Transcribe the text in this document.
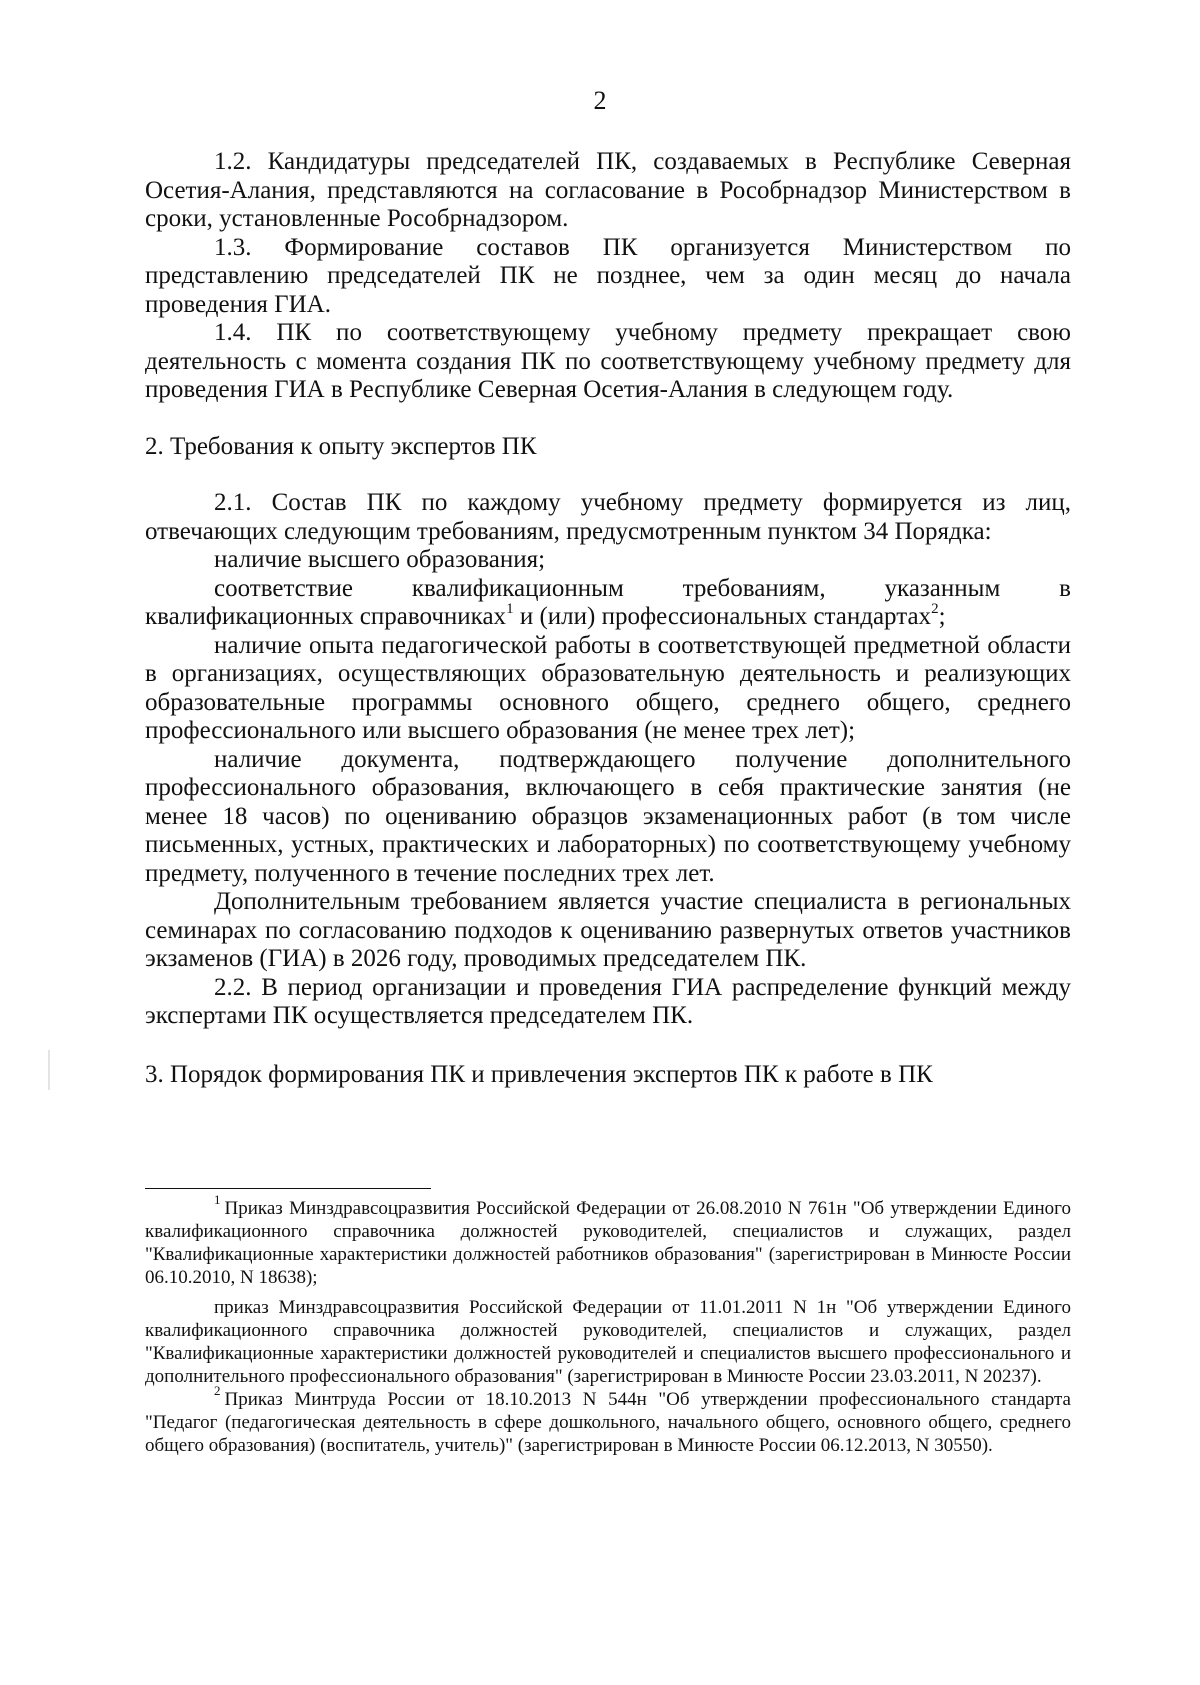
2

1.2. Кандидатуры председателей ПК, создаваемых в Республике Северная Осетия-Алания, представляются на согласование в Рособрнадзор Министерством в сроки, установленные Рособрнадзором.

1.3. Формирование составов ПК организуется Министерством по представлению председателей ПК не позднее, чем за один месяц до начала проведения ГИА.

1.4. ПК по соответствующему учебному предмету прекращает свою деятельность с момента создания ПК по соответствующему учебному предмету для проведения ГИА в Республике Северная Осетия-Алания в следующем году.

2. Требования к опыту экспертов ПК

2.1. Состав ПК по каждому учебному предмету формируется из лиц, отвечающих следующим требованиям, предусмотренным пунктом 34 Порядка:

наличие высшего образования;

соответствие квалификационным требованиям, указанным в квалификационных справочниках$^1$ и (или) профессиональных стандартах$^2$;

наличие опыта педагогической работы в соответствующей предметной области в организациях, осуществляющих образовательную деятельность и реализующих образовательные программы основного общего, среднего общего, среднего профессионального или высшего образования (не менее трех лет);

наличие документа, подтверждающего получение дополнительного профессионального образования, включающего в себя практические занятия (не менее 18 часов) по оцениванию образцов экзаменационных работ (в том числе письменных, устных, практических и лабораторных) по соответствующему учебному предмету, полученного в течение последних трех лет.

Дополнительным требованием является участие специалиста в региональных семинарах по согласованию подходов к оцениванию развернутых ответов участников экзаменов (ГИА) в 2026 году, проводимых председателем ПК.

2.2. В период организации и проведения ГИА распределение функций между экспертами ПК осуществляется председателем ПК.

3. Порядок формирования ПК и привлечения экспертов ПК к работе в ПК

$^1$ Приказ Минздравсоцразвития Российской Федерации от 26.08.2010 N 761н "Об утверждении Единого квалификационного справочника должностей руководителей, специалистов и служащих, раздел "Квалификационные характеристики должностей работников образования" (зарегистрирован в Минюсте России 06.10.2010, N 18638);

приказ Минздравсоцразвития Российской Федерации от 11.01.2011 N 1н "Об утверждении Единого квалификационного справочника должностей руководителей, специалистов и служащих, раздел "Квалификационные характеристики должностей руководителей и специалистов высшего профессионального и дополнительного профессионального образования" (зарегистрирован в Минюсте России 23.03.2011, N 20237).

$^2$ Приказ Минтруда России от 18.10.2013 N 544н "Об утверждении профессионального стандарта "Педагог (педагогическая деятельность в сфере дошкольного, начального общего, основного общего, среднего общего образования) (воспитатель, учитель)" (зарегистрирован в Минюсте России 06.12.2013, N 30550).
